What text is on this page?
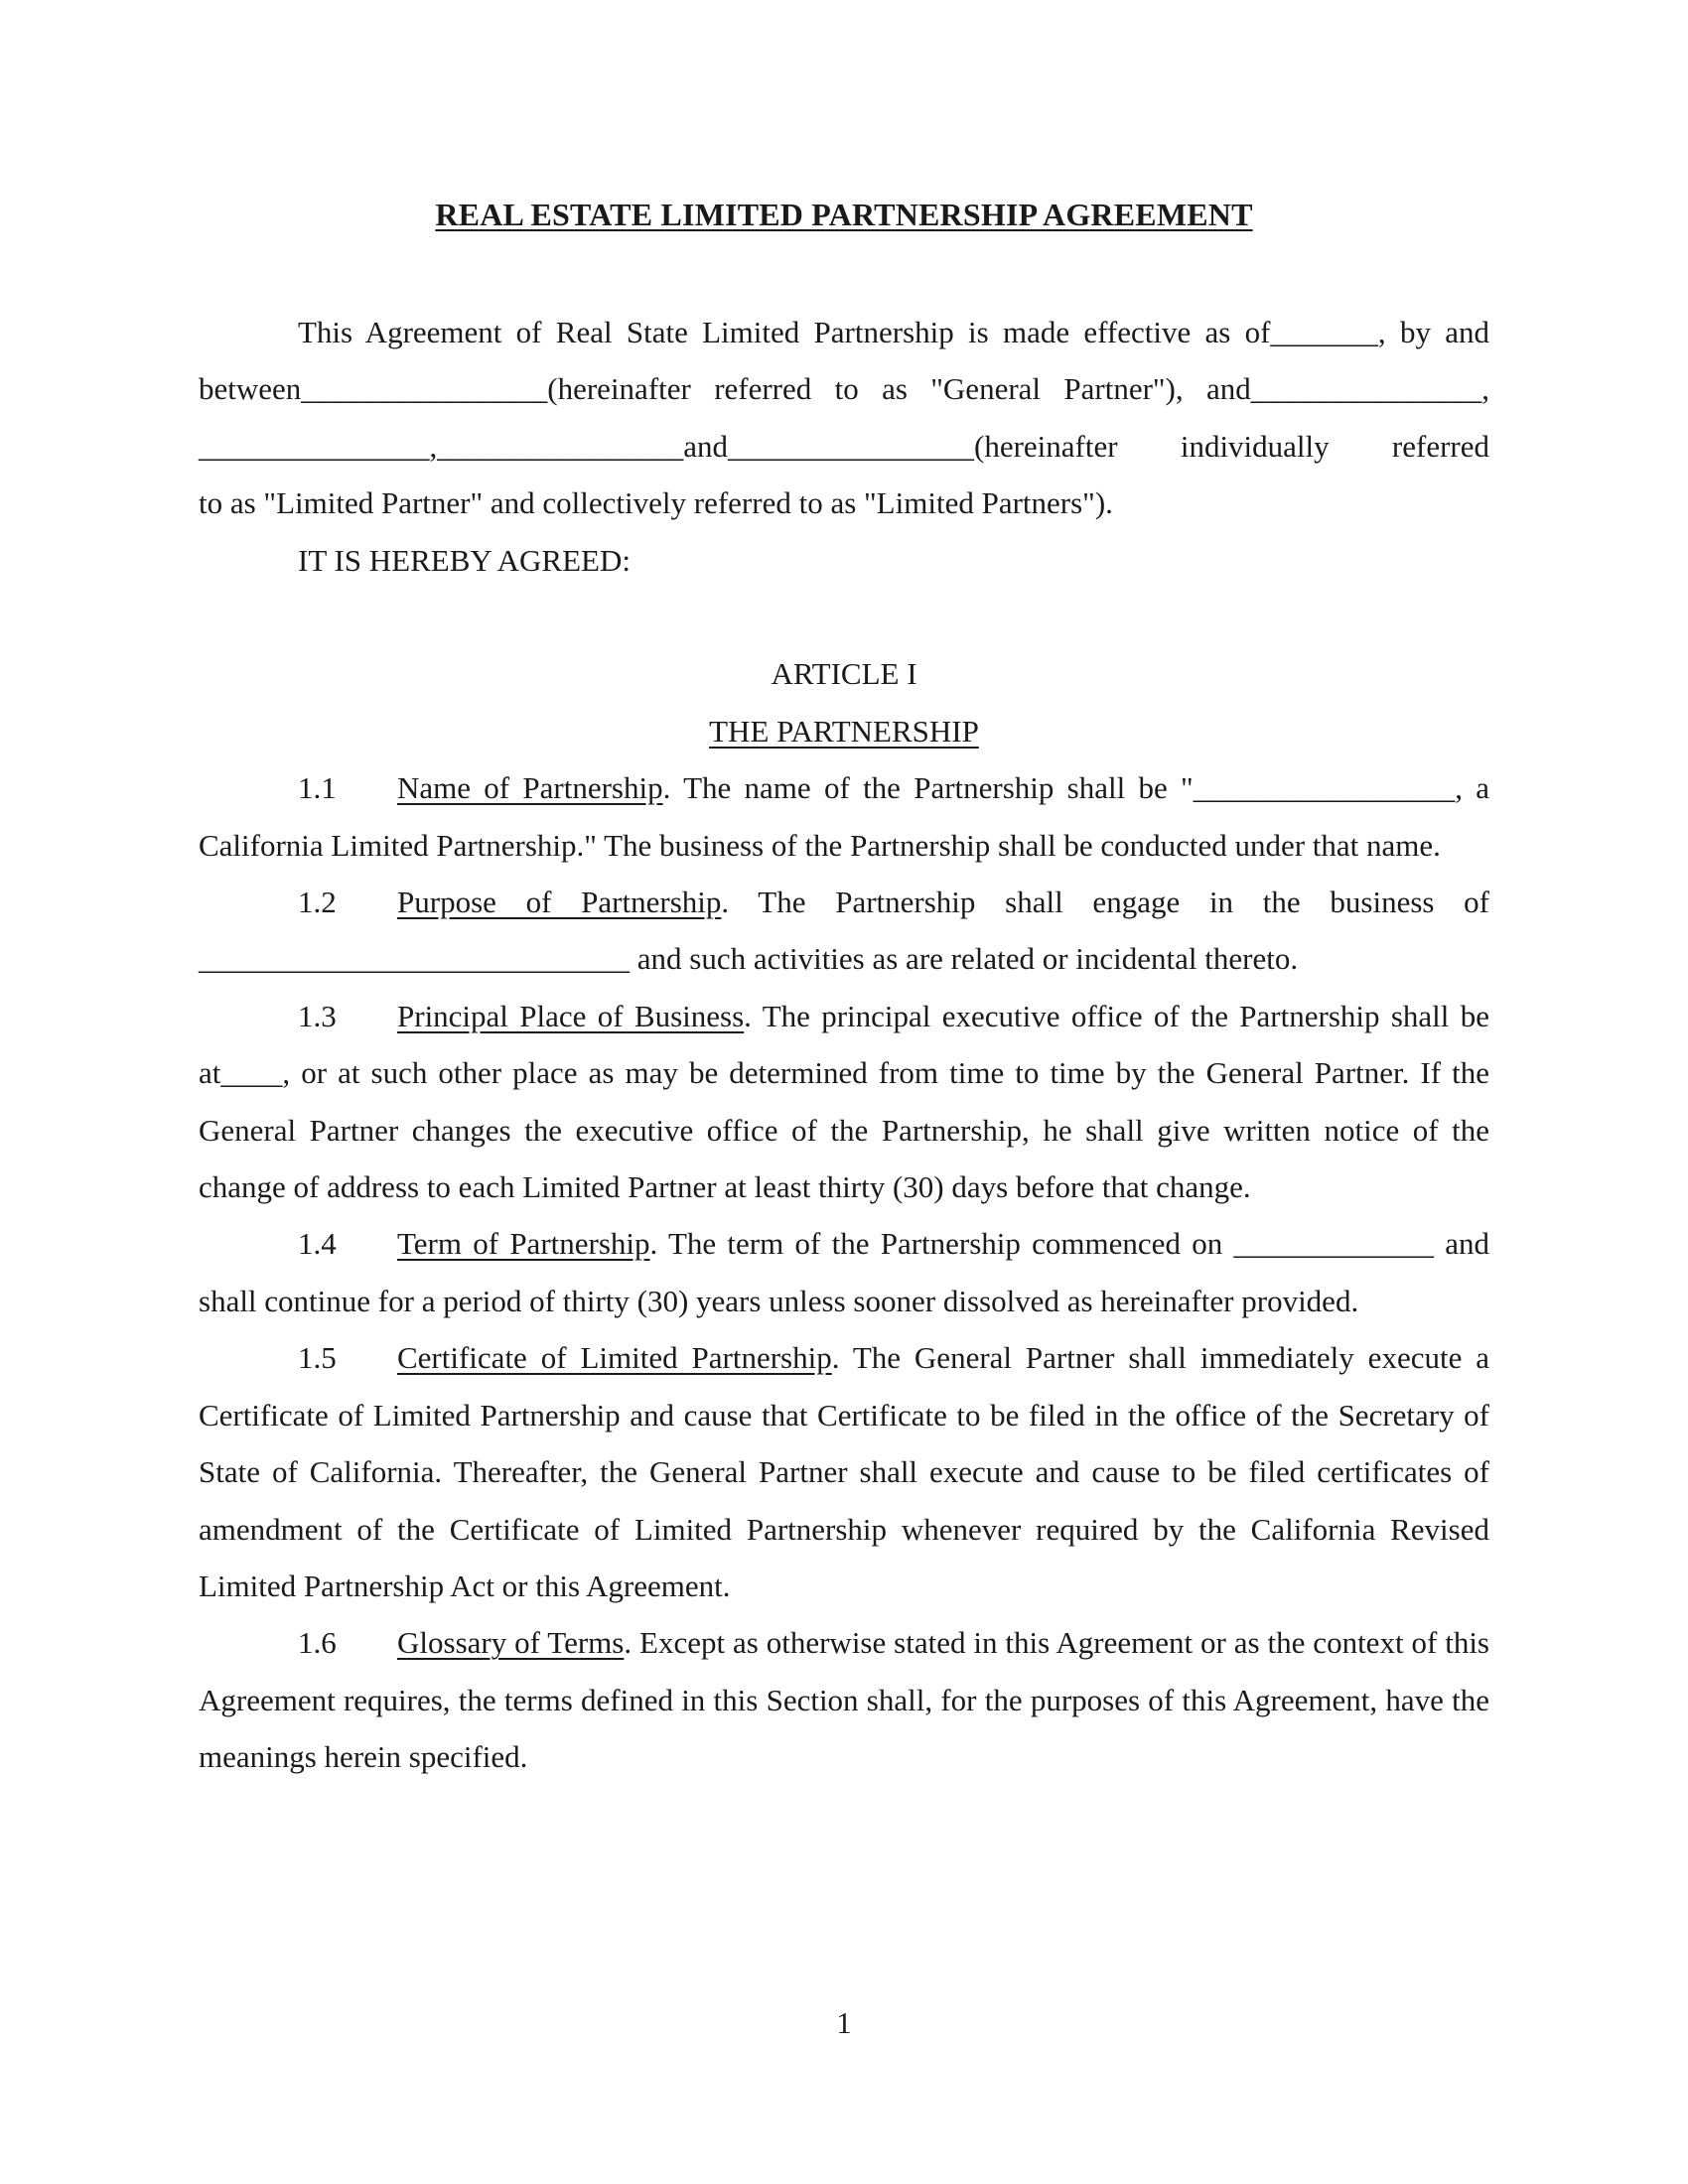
REAL ESTATE LIMITED PARTNERSHIP AGREEMENT

This Agreement of Real State Limited Partnership is made effective as of_______, by and

between________________(hereinafter referred to as "General Partner"), and_______________,

_______________,________________and________________(hereinafter individually referred

to as "Limited Partner" and collectively referred to as "Limited Partners").

IT IS HEREBY AGREED:

ARTICLE I

THE PARTNERSHIP

1.1 Name of Partnership. The name of the Partnership shall be "_________________, a California Limited Partnership." The business of the Partnership shall be conducted under that name.

1.2 Purpose of Partnership. The Partnership shall engage in the business of ____________________________ and such activities as are related or incidental thereto.

1.3 Principal Place of Business. The principal executive office of the Partnership shall be at____, or at such other place as may be determined from time to time by the General Partner. If the General Partner changes the executive office of the Partnership, he shall give written notice of the change of address to each Limited Partner at least thirty (30) days before that change.

1.4 Term of Partnership. The term of the Partnership commenced on _____________ and shall continue for a period of thirty (30) years unless sooner dissolved as hereinafter provided.

1.5 Certificate of Limited Partnership. The General Partner shall immediately execute a Certificate of Limited Partnership and cause that Certificate to be filed in the office of the Secretary of State of California. Thereafter, the General Partner shall execute and cause to be filed certificates of amendment of the Certificate of Limited Partnership whenever required by the California Revised Limited Partnership Act or this Agreement.

1.6 Glossary of Terms. Except as otherwise stated in this Agreement or as the context of this Agreement requires, the terms defined in this Section shall, for the purposes of this Agreement, have the meanings herein specified.

1
